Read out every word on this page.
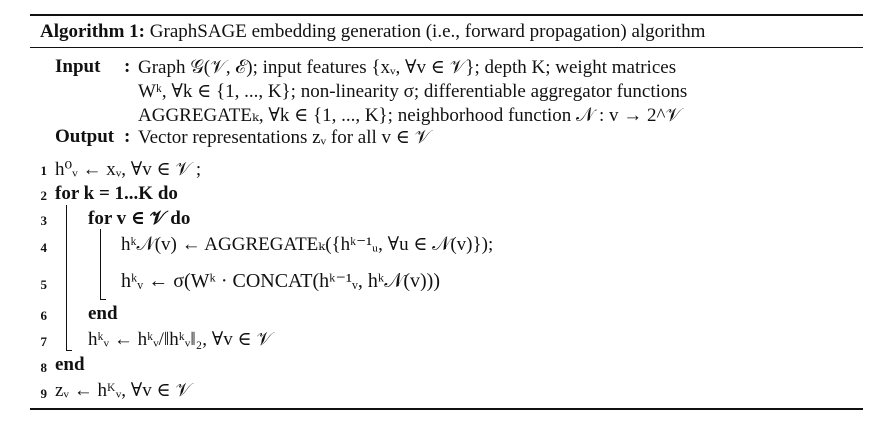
Algorithm 1: GraphSAGE embedding generation (i.e., forward propagation) algorithm
Input : Graph 𝒢(𝒱, ℰ); input features {xᵥ, ∀v ∈ 𝒱}; depth K; weight matrices
Wᵏ, ∀k ∈ {1, ..., K}; non-linearity σ; differentiable aggregator functions
AGGREGATEₖ, ∀k ∈ {1, ..., K}; neighborhood function 𝒩 : v → 2^𝒱
Output : Vector representations zᵥ for all v ∈ 𝒱
1 h⁰ᵥ ← xᵥ, ∀v ∈ 𝒱 ;
2 for k = 1...K do
3 for v ∈ 𝒱 do
4	hᵏ𝒩(v) ← AGGREGATEₖ({hᵏ⁻¹ᵤ, ∀u ∈ 𝒩(v)});
5	hᵏᵥ ← σ(Wᵏ · CONCAT(hᵏ⁻¹ᵥ, hᵏ𝒩(v)))
6 end
7 hᵏᵥ ← hᵏᵥ/‖hᵏᵥ‖₂, ∀v ∈ 𝒱
8 end
9 zᵥ ← hᴷᵥ, ∀v ∈ 𝒱
